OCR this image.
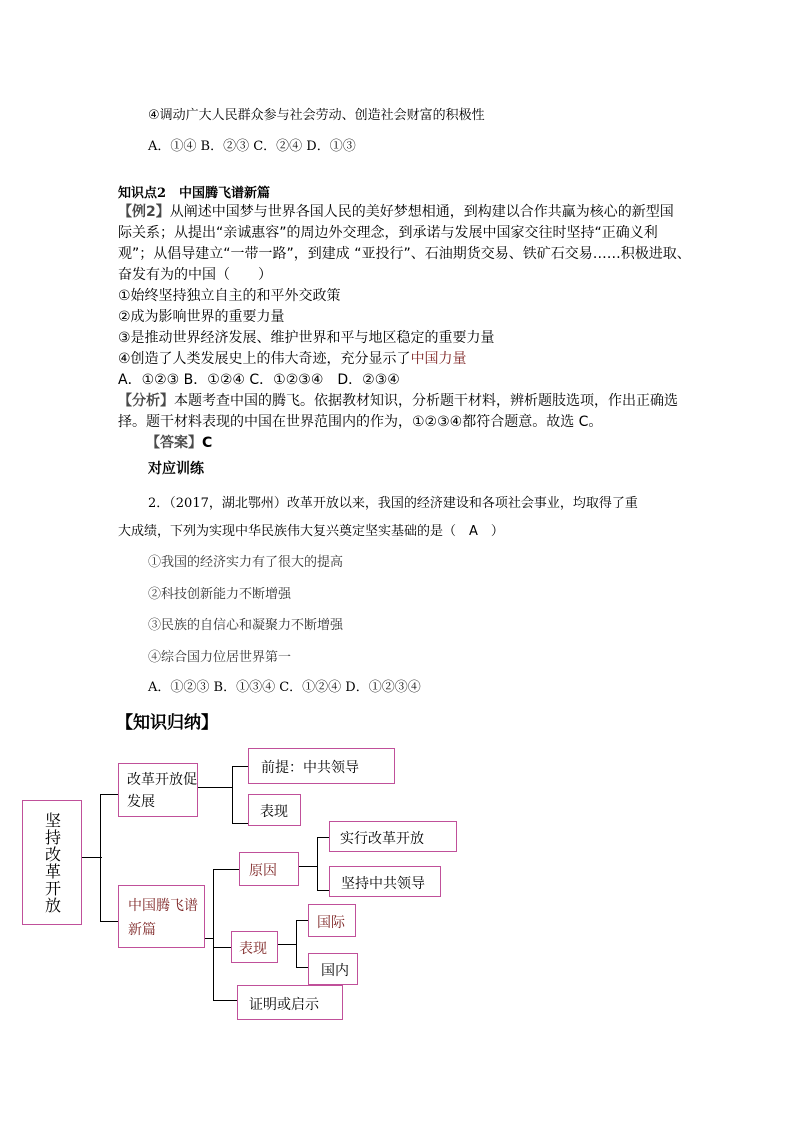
④调动广大人民群众参与社会劳动、创造社会财富的积极性
A．①④ B．②③ C．②④ D．①③
知识点2　中国腾飞谱新篇
【例2】从阐述中国梦与世界各国人民的美好梦想相通，到构建以合作共赢为核心的新型国
际关系；从提出“亲诚惠容”的周边外交理念，到承诺与发展中国家交往时坚持“正确义利
观”；从倡导建立“一带一路”，到建成 “亚投行”、石油期货交易、铁矿石交易……积极进取、
奋发有为的中国（　　）
①始终坚持独立自主的和平外交政策
②成为影响世界的重要力量
③是推动世界经济发展、维护世界和平与地区稳定的重要力量
④创造了人类发展史上的伟大奇迹，充分显示了中国力量
A．①②③ B．①②④ C．①②③④　D．②③④
【分析】本题考查中国的腾飞。依据教材知识，分析题干材料，辨析题肢选项，作出正确选
择。题干材料表现的中国在世界范围内的作为，①②③④都符合题意。故选 C。
【答案】C
对应训练
2．（2017，湖北鄂州）改革开放以来，我国的经济建设和各项社会事业，均取得了重
大成绩，下列为实现中华民族伟大复兴奠定坚实基础的是（　A　）
①我国的经济实力有了很大的提高
②科技创新能力不断增强
③民族的自信心和凝聚力不断增强
④综合国力位居世界第一
A．①②③ B．①③④ C．①②④ D．①②③④
【知识归纳】
坚持改革开放
改革开放促发展
前提：中共领导
表现
中国腾飞谱新篇
原因
实行改革开放
坚持中共领导
表现
国际
国内
证明或启示
